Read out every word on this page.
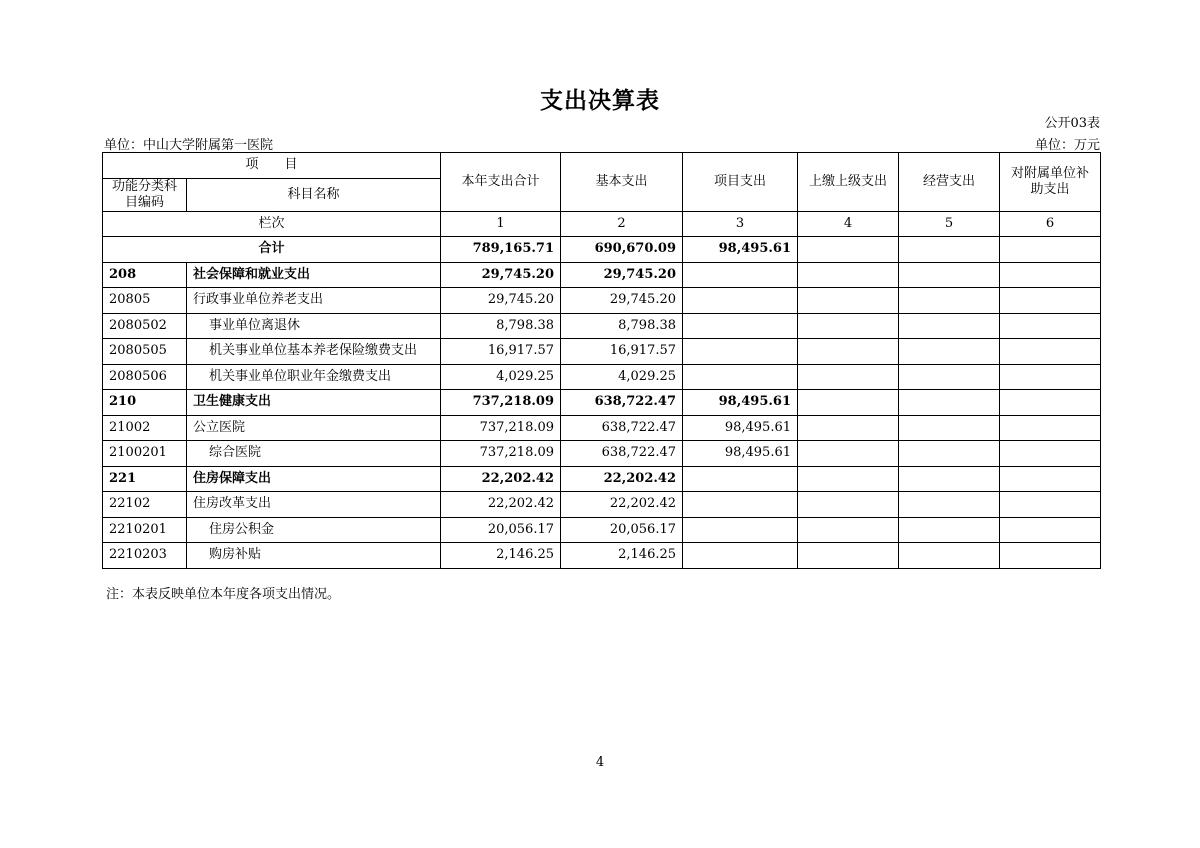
支出决算表
公开03表
单位：中山大学附属第一医院	单位：万元
项　　目		本年支出合计	基本支出	项目支出	上缴上级支出	经营支出	对附属单位补助支出
功能分类科目编码	科目名称						
栏次		1	2	3	4	5	6
合计		789,165.71	690,670.09	98,495.61			
208	社会保障和就业支出	29,745.20	29,745.20				
20805	行政事业单位养老支出	29,745.20	29,745.20				
2080502	事业单位离退休	8,798.38	8,798.38				
2080505	机关事业单位基本养老保险缴费支出	16,917.57	16,917.57				
2080506	机关事业单位职业年金缴费支出	4,029.25	4,029.25				
210	卫生健康支出	737,218.09	638,722.47	98,495.61			
21002	公立医院	737,218.09	638,722.47	98,495.61			
2100201	综合医院	737,218.09	638,722.47	98,495.61			
221	住房保障支出	22,202.42	22,202.42				
22102	住房改革支出	22,202.42	22,202.42				
2210201	住房公积金	20,056.17	20,056.17				
2210203	购房补贴	2,146.25	2,146.25				
注：本表反映单位本年度各项支出情况。
4
